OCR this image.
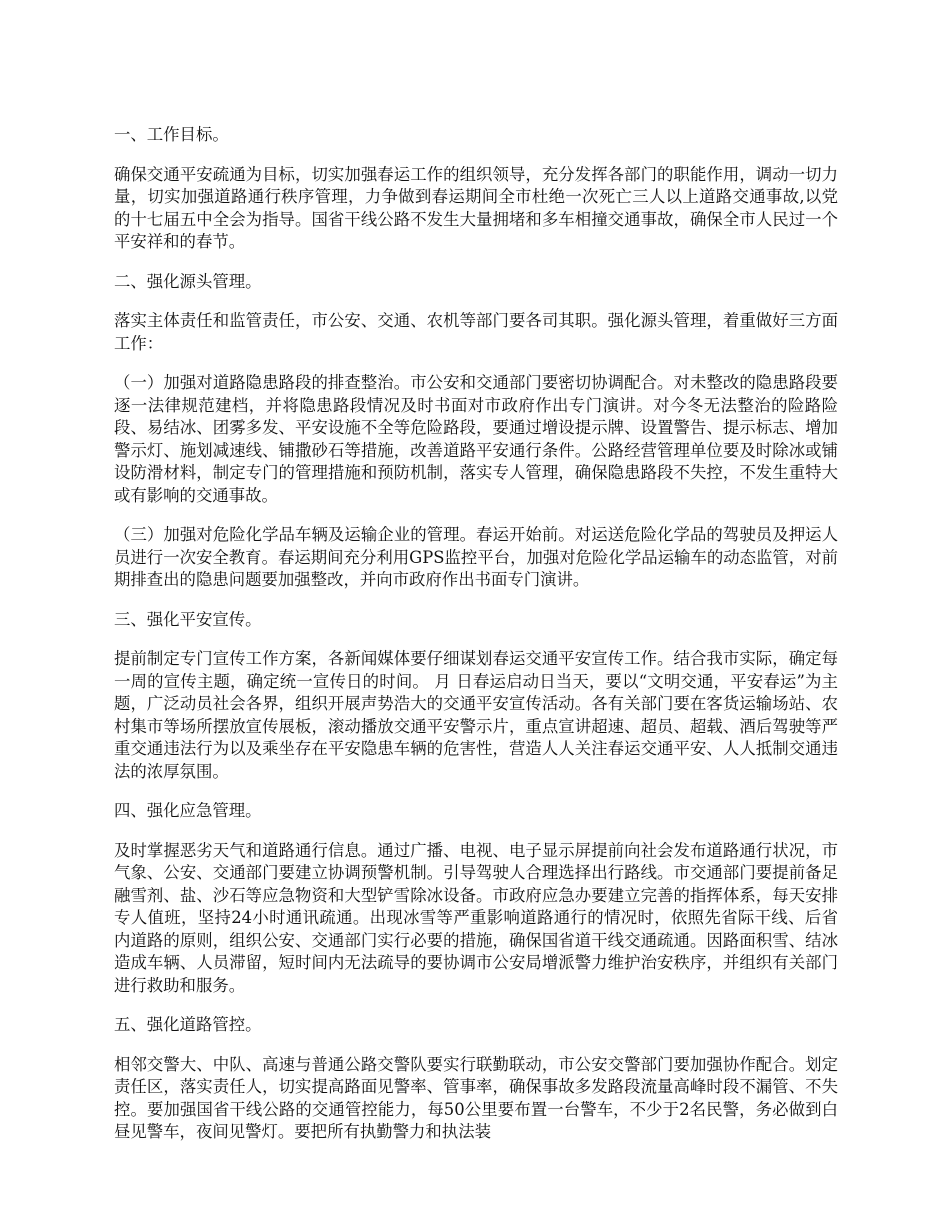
一、工作目标。

确保交通平安疏通为目标，切实加强春运工作的组织领导，充分发挥各部门的职能作用，调动一切力量，切实加强道路通行秩序管理，力争做到春运期间全市杜绝一次死亡三人以上道路交通事故,以党的十七届五中全会为指导。国省干线公路不发生大量拥堵和多车相撞交通事故，确保全市人民过一个平安祥和的春节。

二、强化源头管理。

落实主体责任和监管责任，市公安、交通、农机等部门要各司其职。强化源头管理，着重做好三方面工作：

（一）加强对道路隐患路段的排查整治。市公安和交通部门要密切协调配合。对未整改的隐患路段要逐一法律规范建档，并将隐患路段情况及时书面对市政府作出专门演讲。对今冬无法整治的险路险段、易结冰、团雾多发、平安设施不全等危险路段，要通过增设提示牌、设置警告、提示标志、增加警示灯、施划减速线、铺撒砂石等措施，改善道路平安通行条件。公路经营管理单位要及时除冰或铺设防滑材料，制定专门的管理措施和预防机制，落实专人管理，确保隐患路段不失控，不发生重特大或有影响的交通事故。

（三）加强对危险化学品车辆及运输企业的管理。春运开始前。对运送危险化学品的驾驶员及押运人员进行一次安全教育。春运期间充分利用GPS监控平台，加强对危险化学品运输车的动态监管，对前期排查出的隐患问题要加强整改，并向市政府作出书面专门演讲。

三、强化平安宣传。

提前制定专门宣传工作方案，各新闻媒体要仔细谋划春运交通平安宣传工作。结合我市实际，确定每一周的宣传主题，确定统一宣传日的时间。 月 日春运启动日当天，要以“文明交通，平安春运”为主题，广泛动员社会各界，组织开展声势浩大的交通平安宣传活动。各有关部门要在客货运输场站、农村集市等场所摆放宣传展板，滚动播放交通平安警示片，重点宣讲超速、超员、超载、酒后驾驶等严重交通违法行为以及乘坐存在平安隐患车辆的危害性，营造人人关注春运交通平安、人人抵制交通违法的浓厚氛围。

四、强化应急管理。

及时掌握恶劣天气和道路通行信息。通过广播、电视、电子显示屏提前向社会发布道路通行状况，市气象、公安、交通部门要建立协调预警机制。引导驾驶人合理选择出行路线。市交通部门要提前备足融雪剂、盐、沙石等应急物资和大型铲雪除冰设备。市政府应急办要建立完善的指挥体系，每天安排专人值班，坚持24小时通讯疏通。出现冰雪等严重影响道路通行的情况时，依照先省际干线、后省内道路的原则，组织公安、交通部门实行必要的措施，确保国省道干线交通疏通。因路面积雪、结冰造成车辆、人员滞留，短时间内无法疏导的要协调市公安局增派警力维护治安秩序，并组织有关部门进行救助和服务。

五、强化道路管控。

相邻交警大、中队、高速与普通公路交警队要实行联勤联动，市公安交警部门要加强协作配合。划定责任区，落实责任人，切实提高路面见警率、管事率，确保事故多发路段流量高峰时段不漏管、不失控。要加强国省干线公路的交通管控能力，每50公里要布置一台警车，不少于2名民警，务必做到白昼见警车，夜间见警灯。要把所有执勤警力和执法装
